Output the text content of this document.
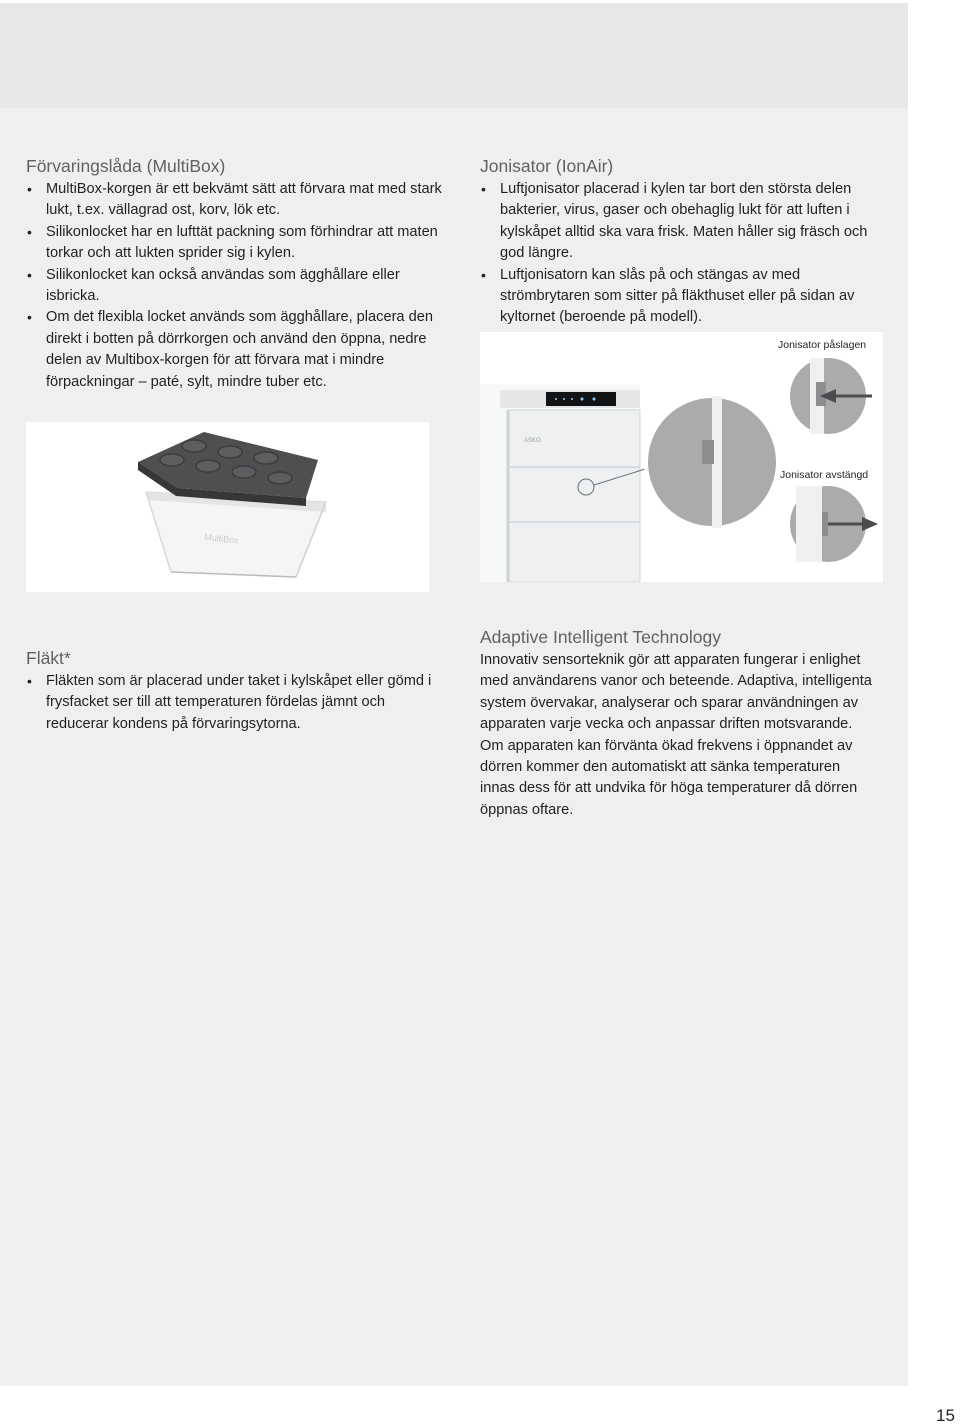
Förvaringslåda (MultiBox)
• MultiBox-korgen är ett bekvämt sätt att förvara mat med stark lukt, t.ex. vällagrad ost, korv, lök etc.
• Silikonlocket har en lufttät packning som förhindrar att maten torkar och att lukten sprider sig i kylen.
• Silikonlocket kan också användas som ägghållare eller isbricka.
• Om det flexibla locket används som ägghållare, placera den direkt i botten på dörrkorgen och använd den öppna, nedre delen av Multibox-korgen för att förvara mat i mindre förpackningar – paté, sylt, mindre tuber etc.
MultiBox
Jonisator (IonAir)
• Luftjonisator placerad i kylen tar bort den största delen bakterier, virus, gaser och obehaglig lukt för att luften i kylskåpet alltid ska vara frisk. Maten håller sig fräsch och god längre.
• Luftjonisatorn kan slås på och stängas av med strömbrytaren som sitter på fläkthuset eller på sidan av kyltornet (beroende på modell).
ASKO
Jonisator påslagen
Jonisator avstängd
Fläkt*
• Fläkten som är placerad under taket i kylskåpet eller gömd i frysfacket ser till att temperaturen fördelas jämnt och reducerar kondens på förvaringsytorna.
Adaptive Intelligent Technology

Innovativ sensorteknik gör att apparaten fungerar i enlighet med användarens vanor och beteende. Adaptiva, intelligenta system övervakar, analyserar och sparar användningen av apparaten varje vecka och anpassar driften motsvarande. Om apparaten kan förvänta ökad frekvens i öppnandet av dörren kommer den automatiskt att sänka temperaturen innas dess för att undvika för höga temperaturer då dörren öppnas oftare.

15
